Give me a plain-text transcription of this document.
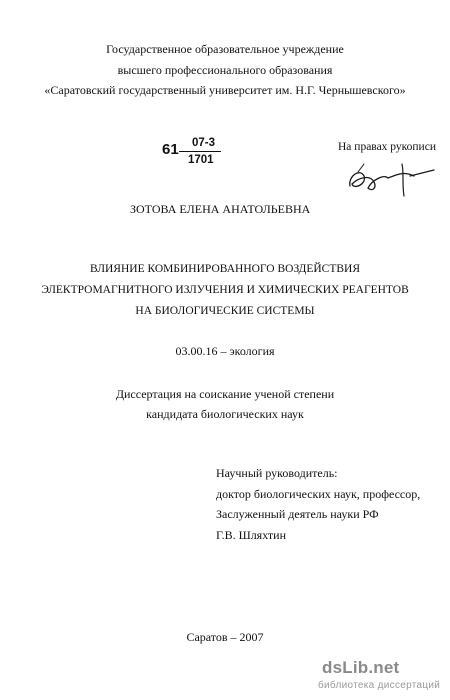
Государственное образовательное учреждение
высшего профессионального образования
«Саратовский государственный университет им. Н.Г. Чернышевского»
61 07-3
1701
На правах рукописи
ЗОТОВА ЕЛЕНА АНАТОЛЬЕВНА
ВЛИЯНИЕ КОМБИНИРОВАННОГО ВОЗДЕЙСТВИЯ
ЭЛЕКТРОМАГНИТНОГО ИЗЛУЧЕНИЯ И ХИМИЧЕСКИХ РЕАГЕНТОВ
НА БИОЛОГИЧЕСКИЕ СИСТЕМЫ
03.00.16 – экология
Диссертация на соискание ученой степени
кандидата биологических наук
Научный руководитель:
доктор биологических наук, профессор,
Заслуженный деятель науки РФ
Г.В. Шляхтин
Саратов – 2007
dsLib.net
библиотека диссертаций
